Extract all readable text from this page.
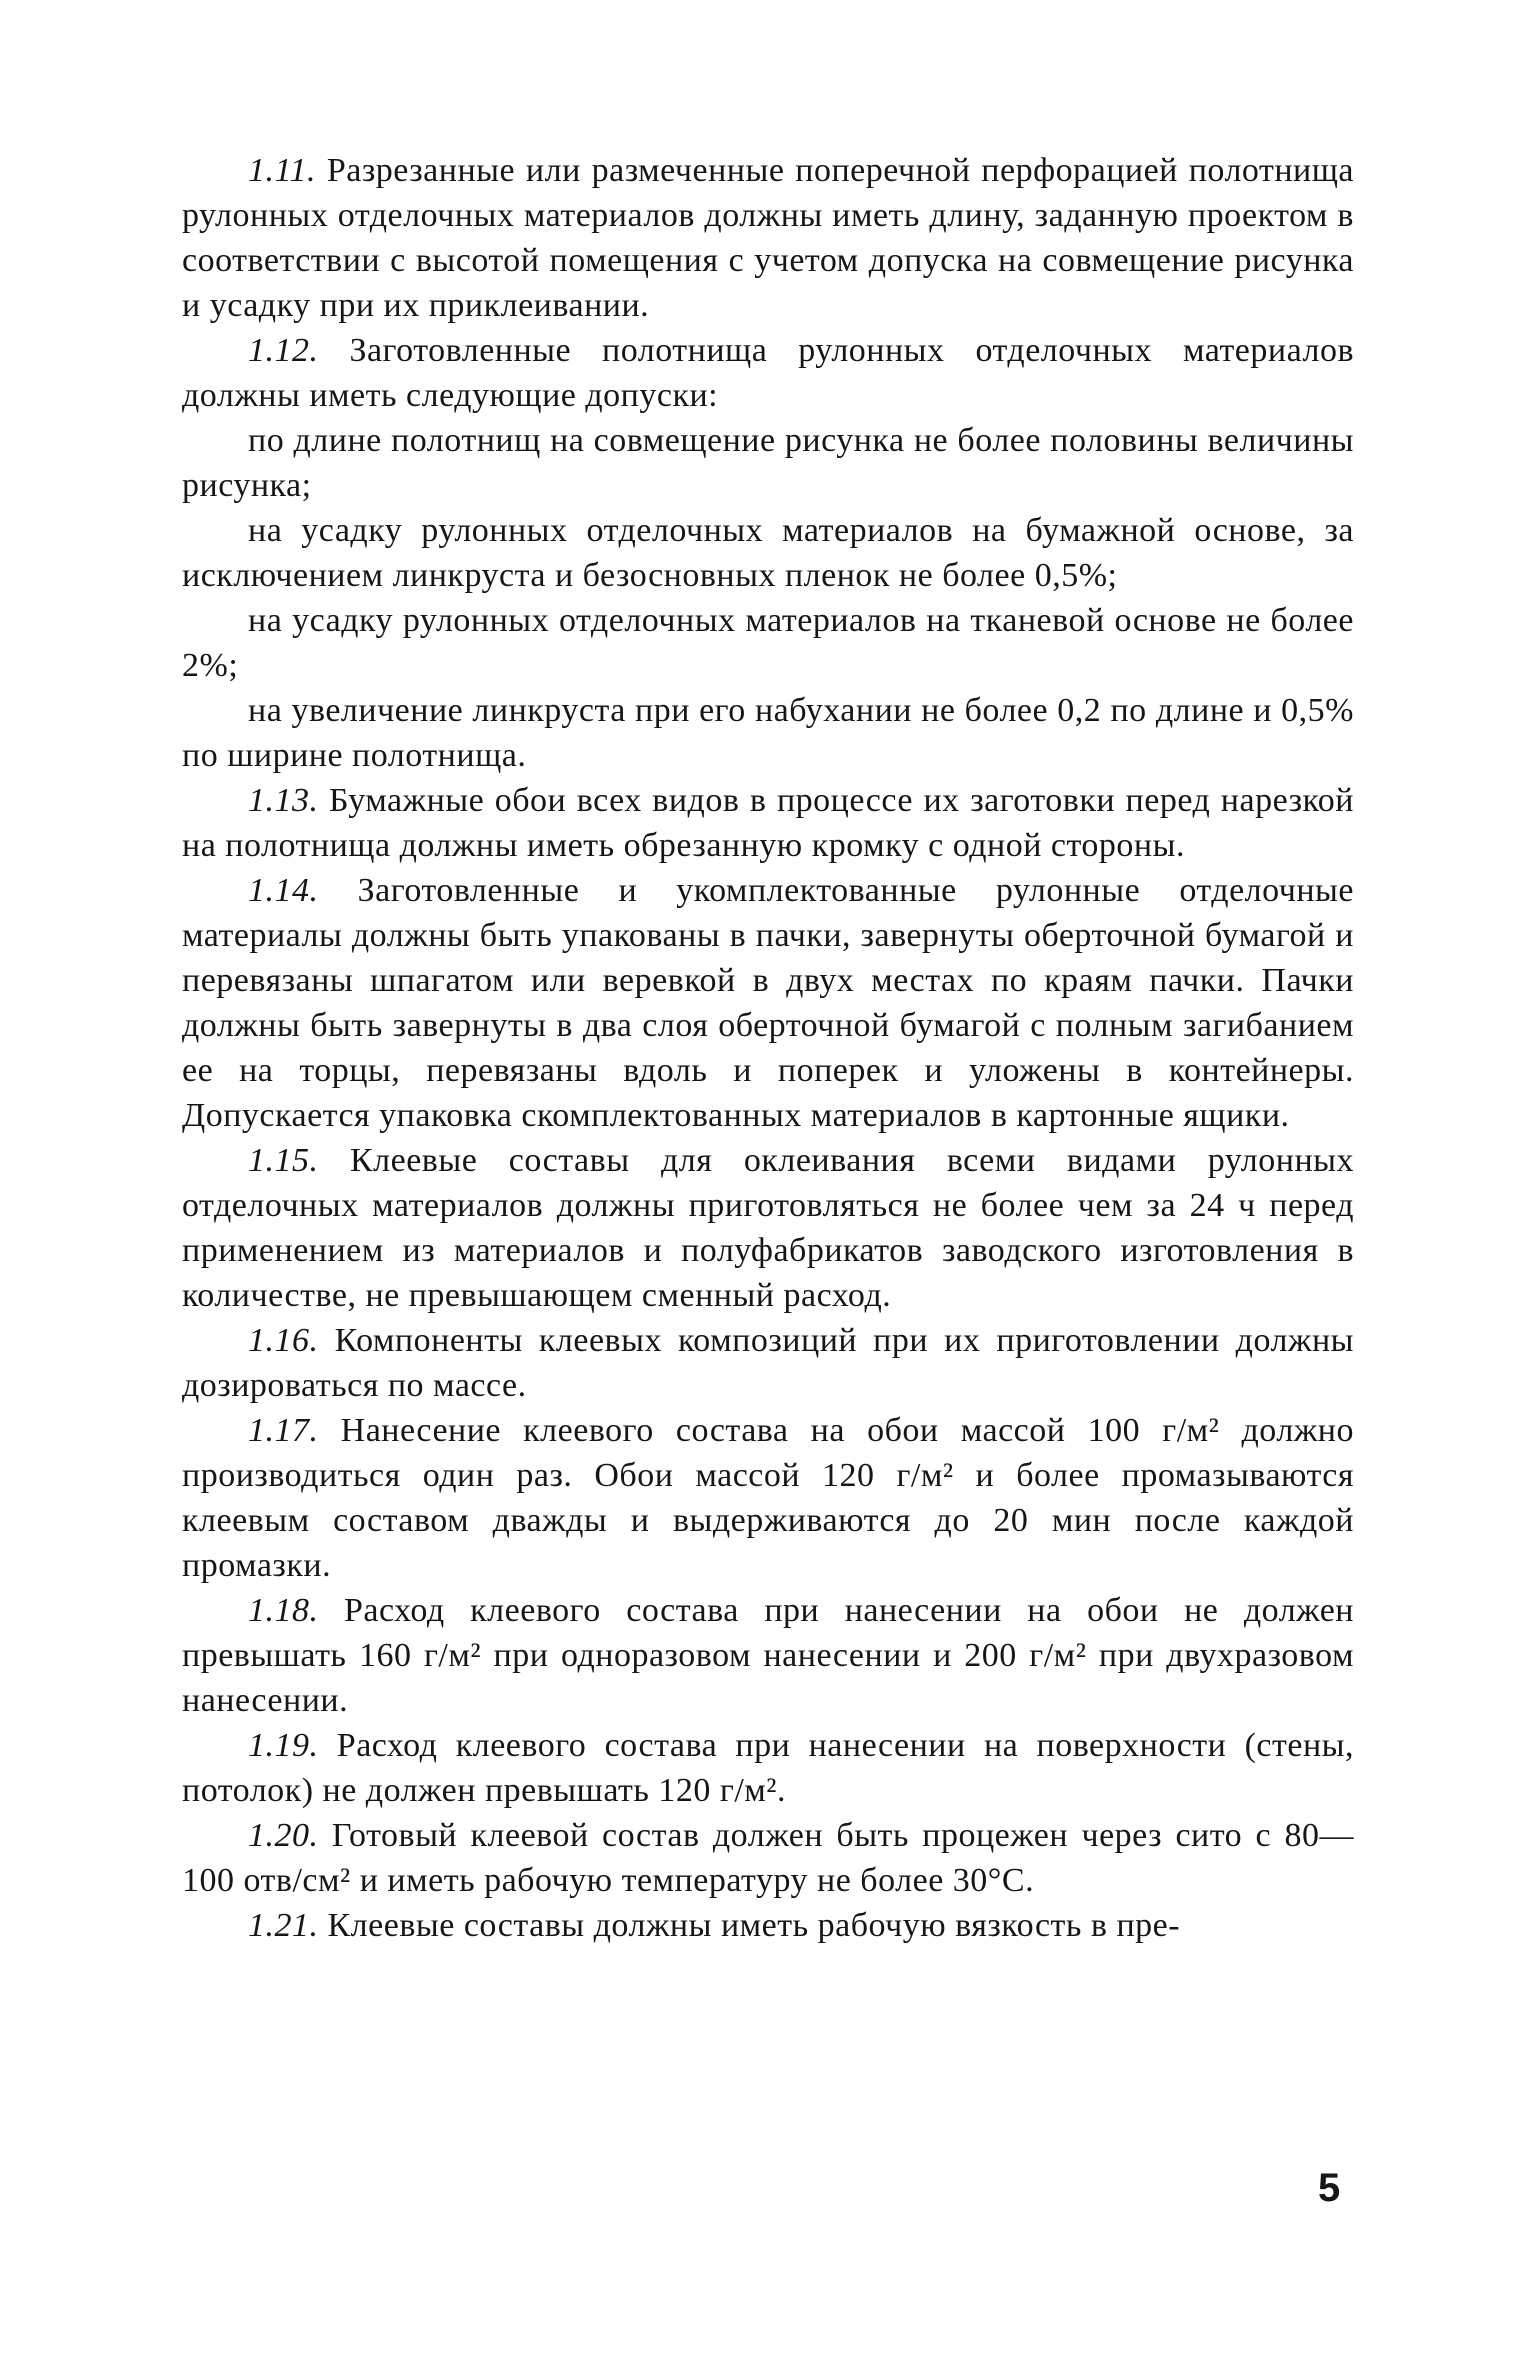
1.11. Разрезанные или размеченные поперечной перфорацией полотнища рулонных отделочных материалов должны иметь длину, заданную проектом в соответствии с высотой помещения с учетом допуска на совмещение рисунка и усадку при их приклеивании.

1.12. Заготовленные полотнища рулонных отделочных материалов должны иметь следующие допуски:

по длине полотнищ на совмещение рисунка не более половины величины рисунка;

на усадку рулонных отделочных материалов на бумажной основе, за исключением линкруста и безосновных пленок не более 0,5%;

на усадку рулонных отделочных материалов на тканевой основе не более 2%;

на увеличение линкруста при его набухании не более 0,2 по длине и 0,5% по ширине полотнища.

1.13. Бумажные обои всех видов в процессе их заготовки перед нарезкой на полотнища должны иметь обрезанную кромку с одной стороны.

1.14. Заготовленные и укомплектованные рулонные отделочные материалы должны быть упакованы в пачки, завернуты оберточной бумагой и перевязаны шпагатом или веревкой в двух местах по краям пачки. Пачки должны быть завернуты в два слоя оберточной бумагой с полным загибанием ее на торцы, перевязаны вдоль и поперек и уложены в контейнеры. Допускается упаковка скомплектованных материалов в картонные ящики.

1.15. Клеевые составы для оклеивания всеми видами рулонных отделочных материалов должны приготовляться не более чем за 24 ч перед применением из материалов и полуфабрикатов заводского изготовления в количестве, не превышающем сменный расход.

1.16. Компоненты клеевых композиций при их приготовлении должны дозироваться по массе.

1.17. Нанесение клеевого состава на обои массой 100 г/м² должно производиться один раз. Обои массой 120 г/м² и более промазываются клеевым составом дважды и выдерживаются до 20 мин после каждой промазки.

1.18. Расход клеевого состава при нанесении на обои не должен превышать 160 г/м² при одноразовом нанесении и 200 г/м² при двухразовом нанесении.

1.19. Расход клеевого состава при нанесении на поверхности (стены, потолок) не должен превышать 120 г/м².

1.20. Готовый клеевой состав должен быть процежен через сито с 80—100 отв/см² и иметь рабочую температуру не более 30°С.

1.21. Клеевые составы должны иметь рабочую вязкость в пре-

5
